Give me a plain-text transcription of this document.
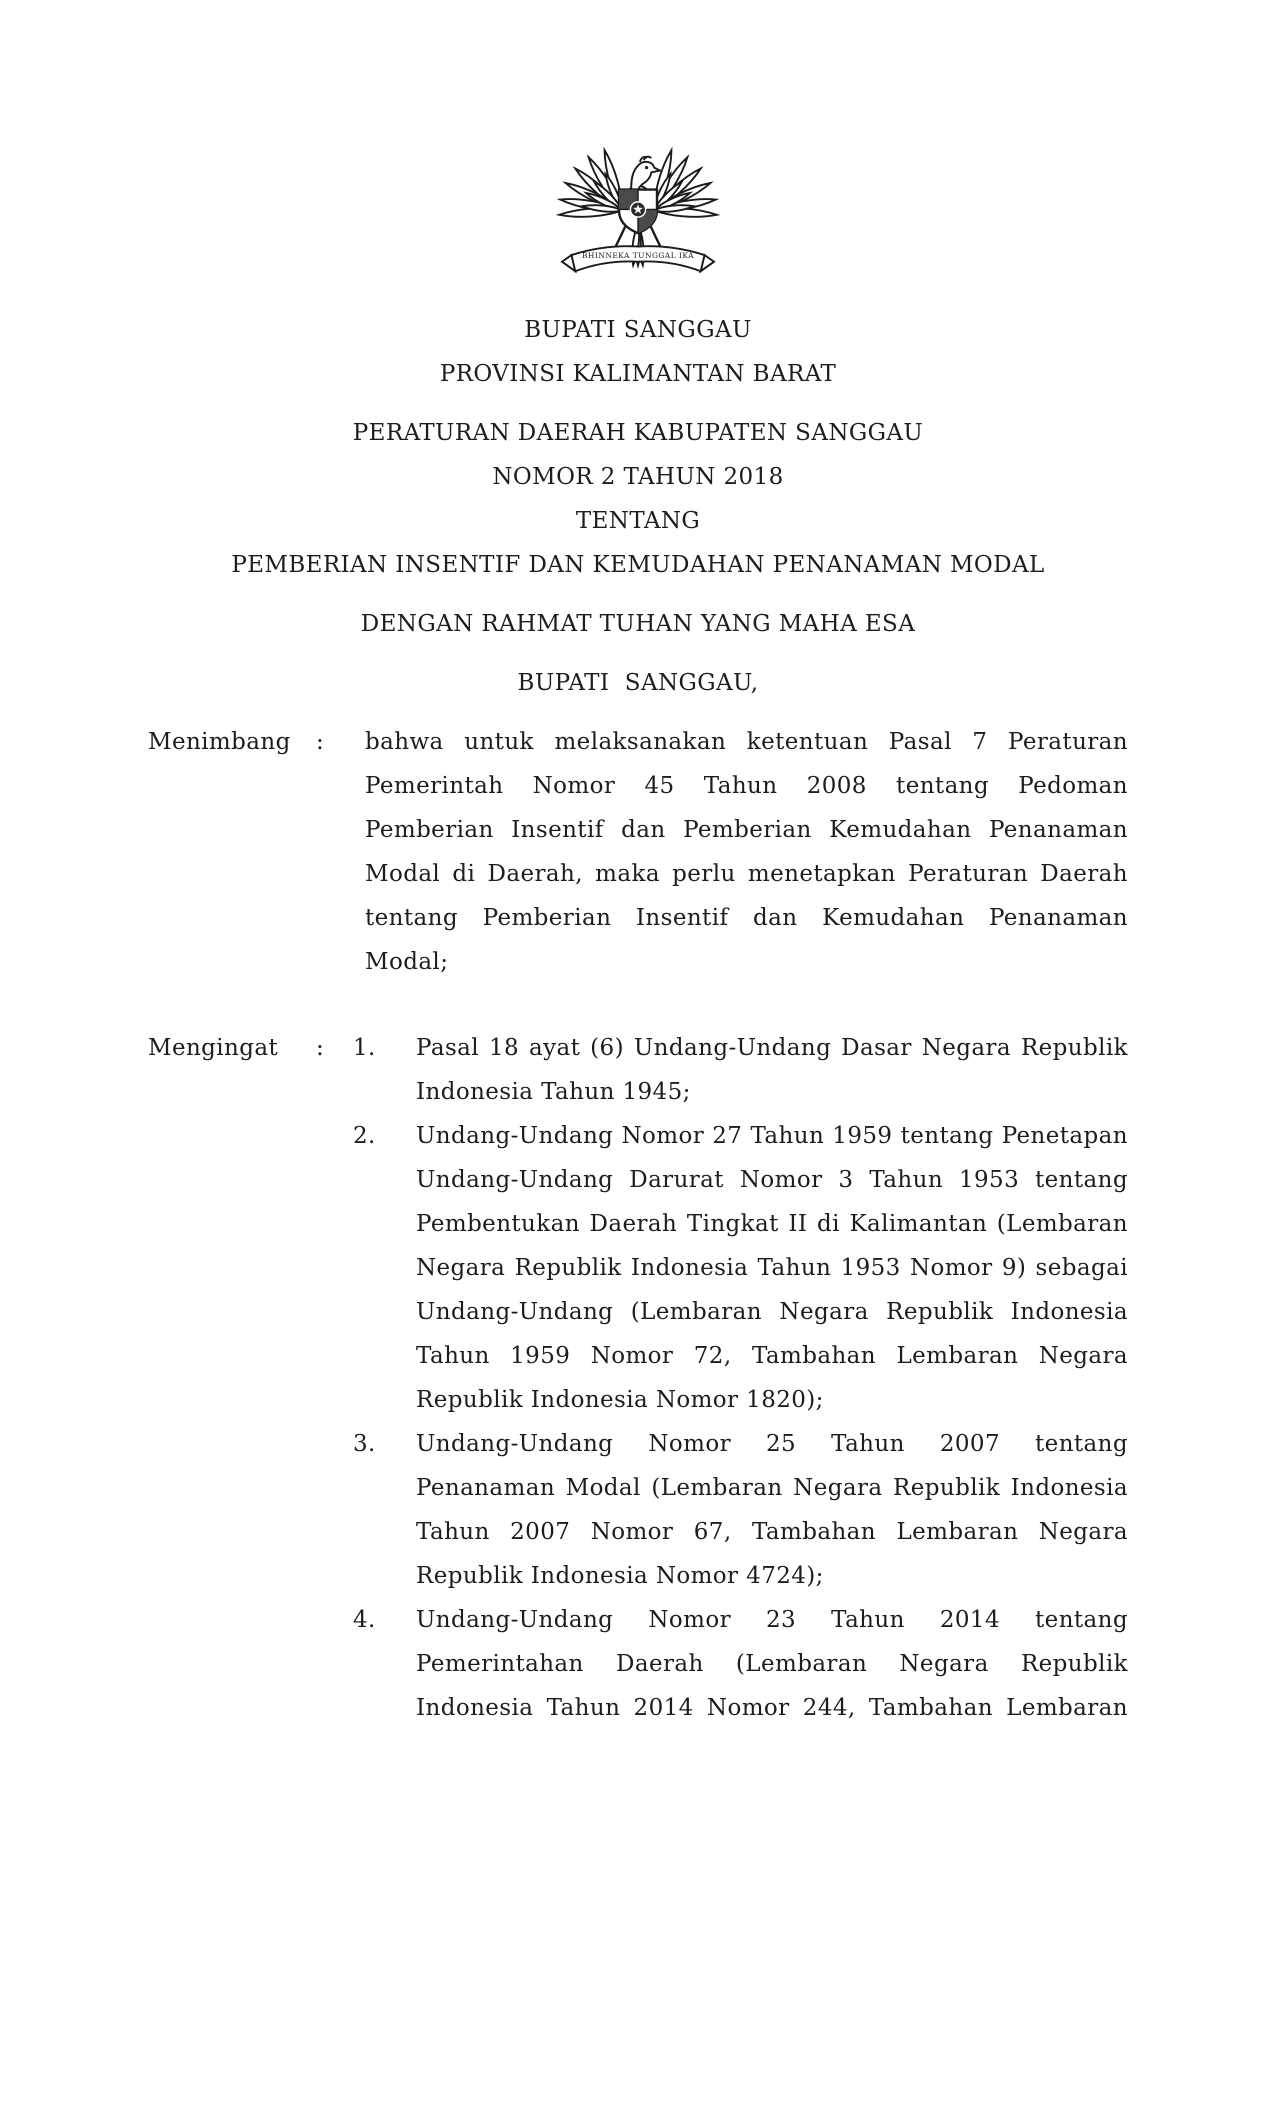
BHINNEKA TUNGGAL IKA

BUPATI SANGGAU

PROVINSI KALIMANTAN BARAT

PERATURAN DAERAH KABUPATEN SANGGAU

NOMOR 2 TAHUN 2018

TENTANG

PEMBERIAN INSENTIF DAN KEMUDAHAN PENANAMAN MODAL

DENGAN RAHMAT TUHAN YANG MAHA ESA

BUPATI  SANGGAU,

Menimbang	:	bahwa untuk melaksanakan ketentuan Pasal 7 Peraturan Pemerintah Nomor 45 Tahun 2008 tentang Pedoman Pemberian Insentif dan Pemberian Kemudahan Penanaman Modal di Daerah, maka perlu menetapkan Peraturan Daerah tentang Pemberian Insentif dan Kemudahan Penanaman Modal;
Mengingat	:	1.	Pasal 18 ayat (6) Undang-Undang Dasar Negara Republik Indonesia Tahun 1945;
2.	Undang-Undang Nomor 27 Tahun 1959 tentang Penetapan Undang-Undang Darurat Nomor 3 Tahun 1953 tentang Pembentukan Daerah Tingkat II di Kalimantan (Lembaran Negara Republik Indonesia Tahun 1953 Nomor 9) sebagai Undang-Undang (Lembaran Negara Republik Indonesia Tahun 1959 Nomor 72, Tambahan Lembaran Negara Republik Indonesia Nomor 1820);
3.	Undang-Undang Nomor 25 Tahun 2007 tentang Penanaman Modal (Lembaran Negara Republik Indonesia Tahun 2007 Nomor 67, Tambahan Lembaran Negara Republik Indonesia Nomor 4724);
4.	Undang-Undang Nomor 23 Tahun 2014 tentang Pemerintahan Daerah (Lembaran Negara Republik Indonesia Tahun 2014 Nomor 244, Tambahan Lembaran
